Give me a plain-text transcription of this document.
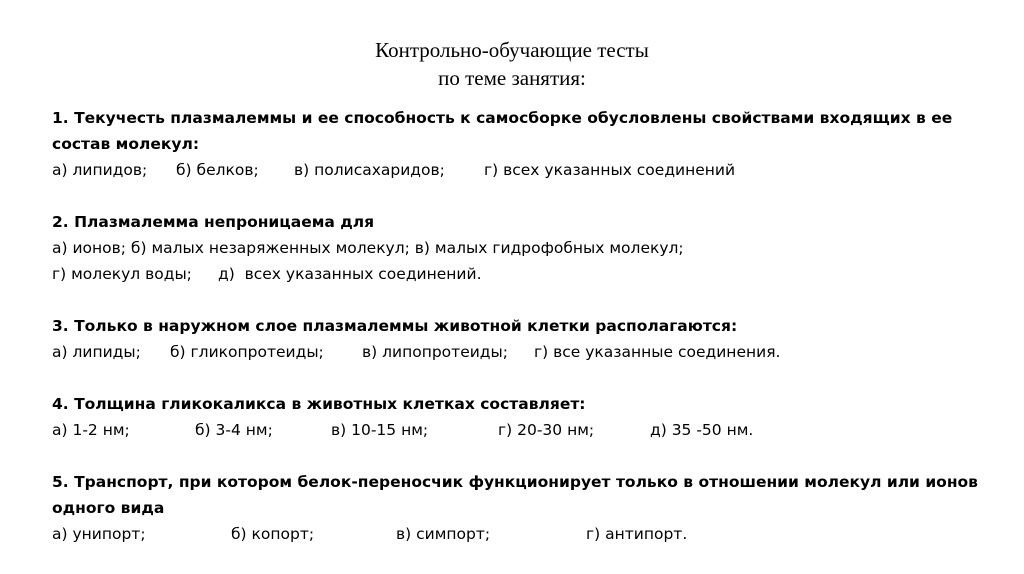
Контрольно-обучающие тесты
по теме занятия:
1. Текучесть плазмалеммы и ее способность к самосборке обусловлены свойствами входящих в ее состав молекул:
а) липидов; б) белков; в) полисахаридов;	г) всех указанных соединений
2. Плазмалемма непроницаема для
а) ионов; б) малых незаряженных молекул; в) малых гидрофобных молекул;
г) молекул воды; д)  всех указанных соединений.
3. Только в наружном слое плазмалеммы животной клетки располагаются:
а) липиды; б) гликопротеиды; в) липопротеиды; г) все указанные соединения.
4. Толщина гликокаликса в животных клетках составляет:
а) 1-2 нм;	б) 3-4 нм;	в) 10-15 нм;	г) 20-30 нм;	д) 35 -50 нм.
5. Транспорт, при котором белок-переносчик функционирует только в отношении молекул или ионов одного вида
а) унипорт;	б) копорт;	в) симпорт;	г) антипорт.
